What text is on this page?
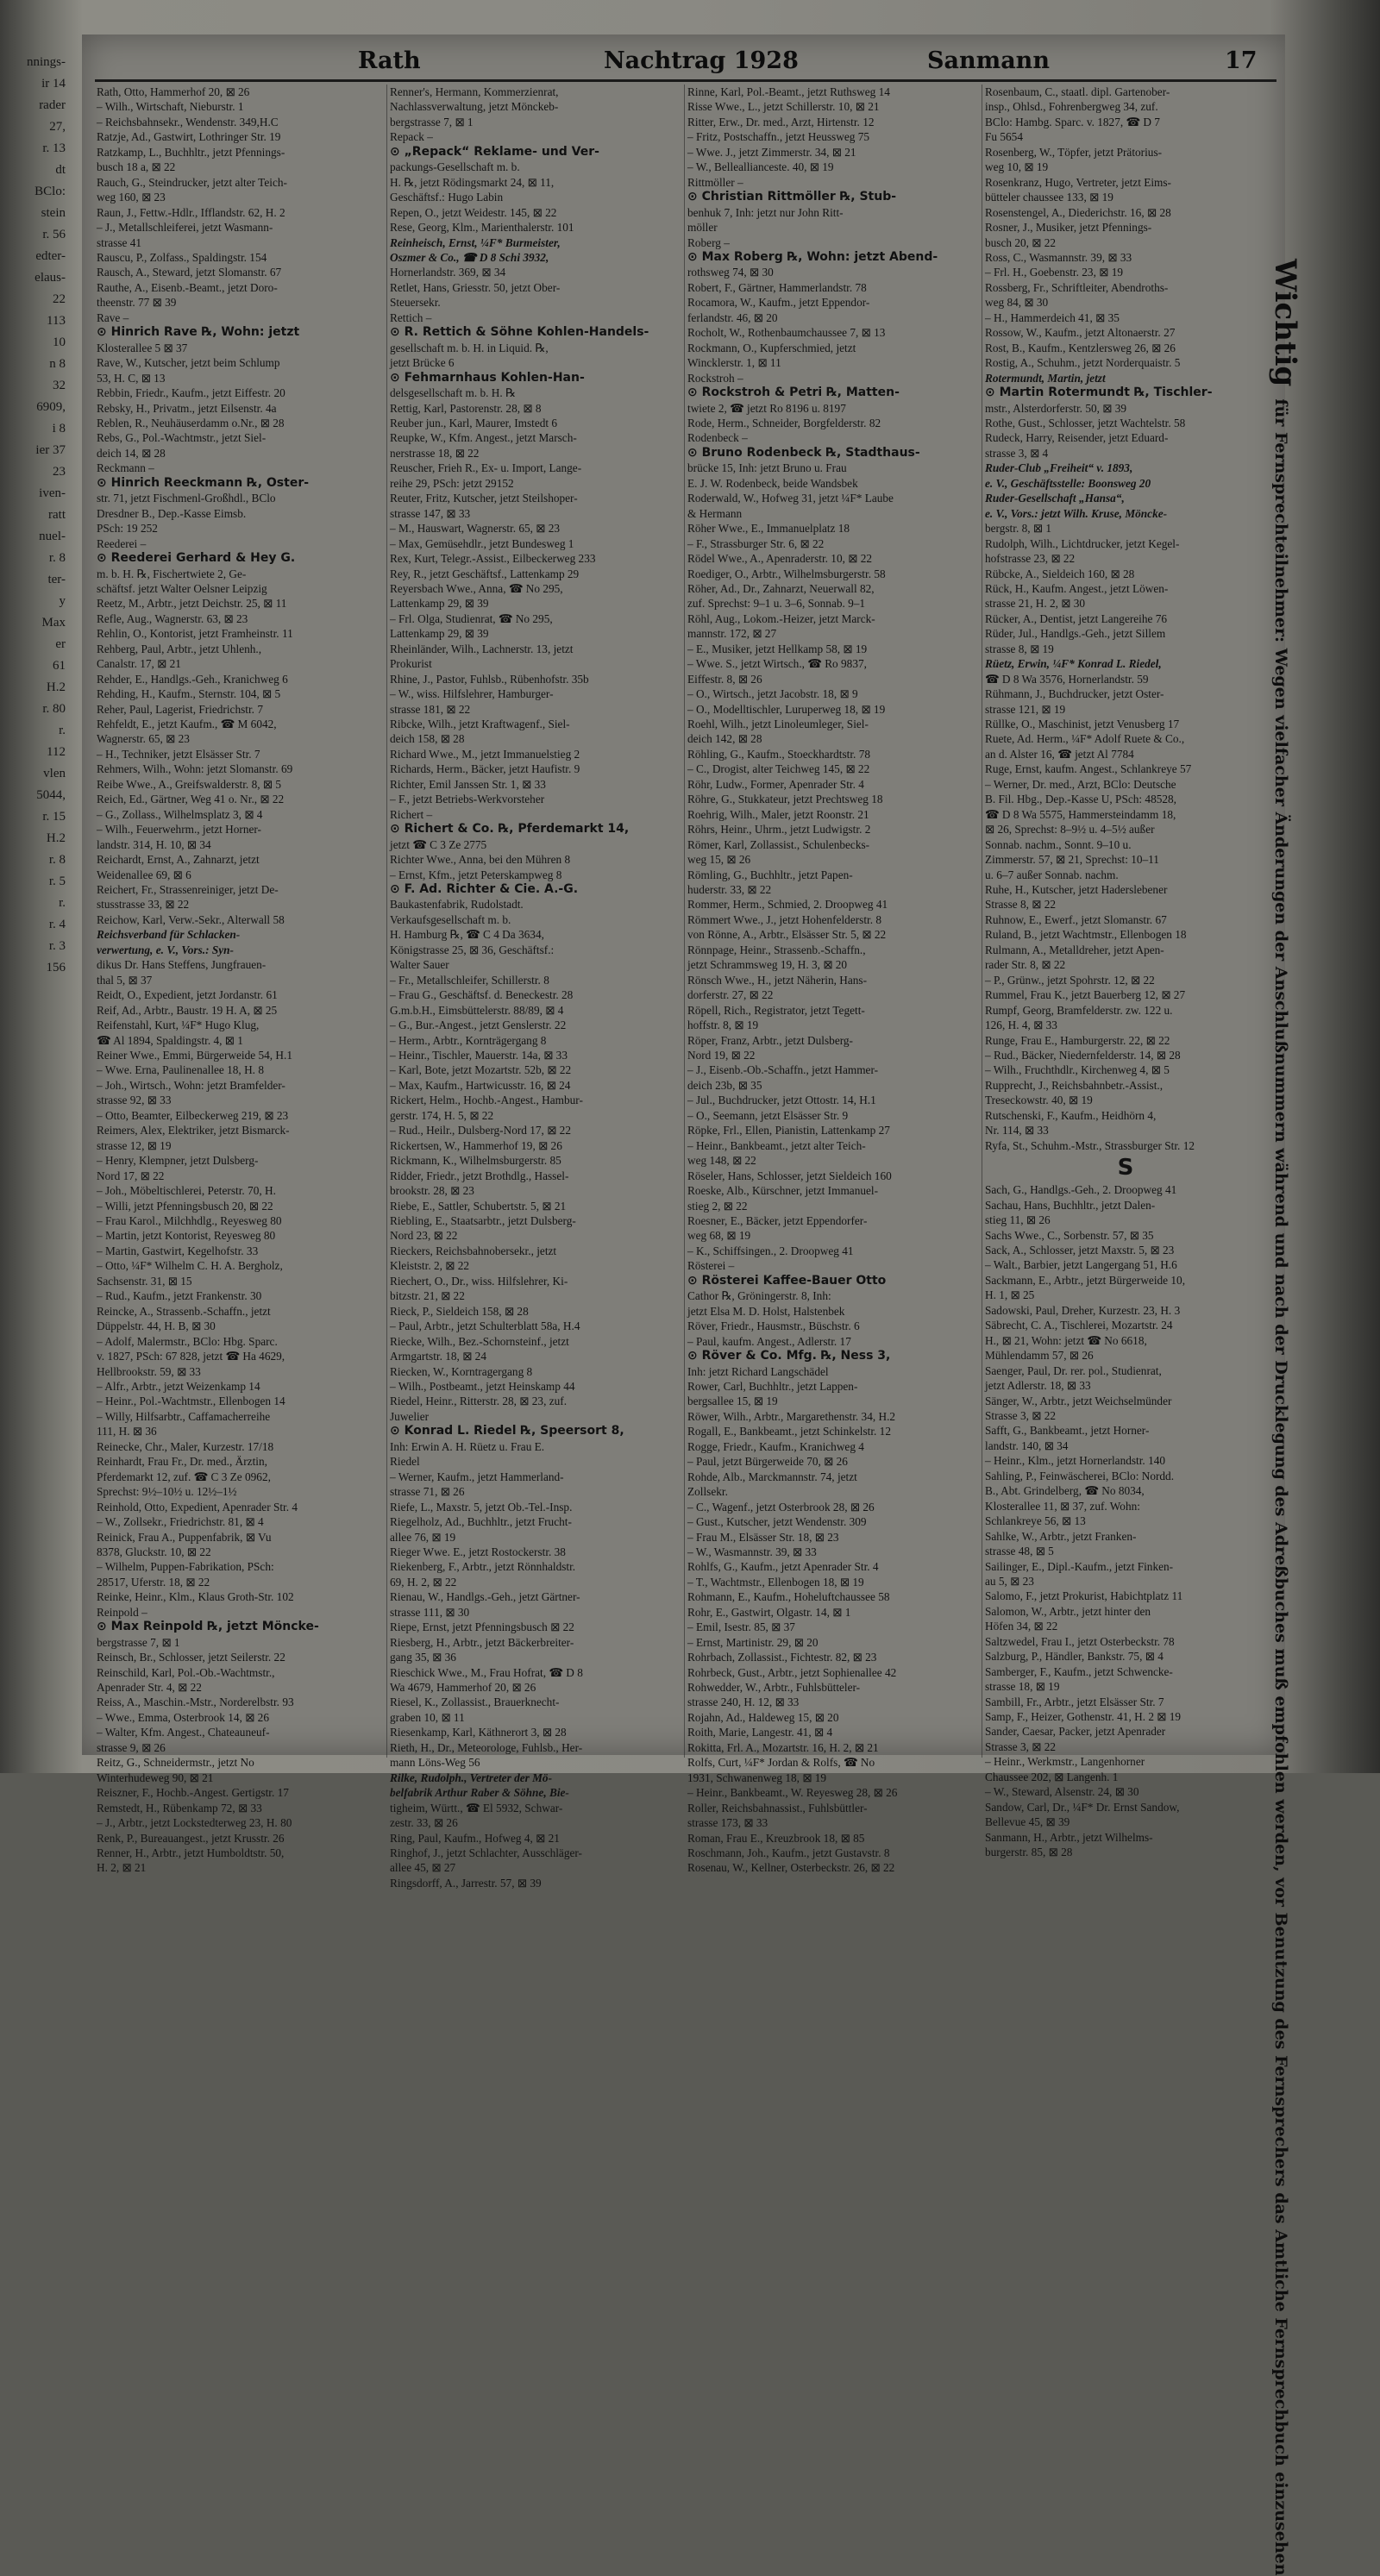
nnings-
ir 14
rader
27,
r. 13
dt
BClo:
stein
r. 56
edter-
elaus-
22
113
10
n 8
32
6909,
i 8
ier 37
23
iven-
ratt
nuel-
r. 8
ter-
y
Max
er
61
H.2
r. 80
r.
112
vlen
5044,
r. 15
H.2
r. 8
r. 5
r.
r. 4
r. 3
156
Rath	Nachtrag 1928	Sanmann	17
Rath, Otto, Hammerhof 20, ⊠ 26
– Wilh., Wirtschaft, Nieburstr. 1
– Reichsbahnsekr., Wendenstr. 349,H.C
Ratzje, Ad., Gastwirt, Lothringer Str. 19
Ratzkamp, L., Buchhltr., jetzt Pfennings-
busch 18 a, ⊠ 22
Rauch, G., Steindrucker, jetzt alter Teich-
weg 160, ⊠ 23
Raun, J., Fettw.-Hdlr., Ifflandstr. 62, H. 2
– J., Metallschleiferei, jetzt Wasmann-
strasse 41
Rauscu, P., Zolfass., Spaldingstr. 154
Rausch, A., Steward, jetzt Slomanstr. 67
Rauthe, A., Eisenb.-Beamt., jetzt Doro-
theenstr. 77 ⊠ 39
Rave –
⊙ Hinrich Rave ℞, Wohn: jetzt
Klosterallee 5 ⊠ 37
Rave, W., Kutscher, jetzt beim Schlump
53, H. C, ⊠ 13
Rebbin, Friedr., Kaufm., jetzt Eiffestr. 20
Rebsky, H., Privatm., jetzt Eilsenstr. 4a
Reblen, R., Neuhäuserdamm o.Nr., ⊠ 28
Rebs, G., Pol.-Wachtmstr., jetzt Siel-
deich 14, ⊠ 28
Reckmann –
⊙ Hinrich Reeckmann ℞, Oster-
str. 71, jetzt Fischmenl-Großhdl., BClo
Dresdner B., Dep.-Kasse Eimsb.
PSch: 19 252
Reederei –
⊙ Reederei Gerhard & Hey G.
m. b. H. ℞, Fischertwiete 2, Ge-
schäftsf. jetzt Walter Oelsner Leipzig
Reetz, M., Arbtr., jetzt Deichstr. 25, ⊠ 11
Refle, Aug., Wagnerstr. 63, ⊠ 23
Rehlin, O., Kontorist, jetzt Framheinstr. 11
Rehberg, Paul, Arbtr., jetzt Uhlenh.,
Canalstr. 17, ⊠ 21
Rehder, E., Handlgs.-Geh., Kranichweg 6
Rehding, H., Kaufm., Sternstr. 104, ⊠ 5
Reher, Paul, Lagerist, Friedrichstr. 7
Rehfeldt, E., jetzt Kaufm., ☎ M 6042,
Wagnerstr. 65, ⊠ 23
– H., Techniker, jetzt Elsässer Str. 7
Rehmers, Wilh., Wohn: jetzt Slomanstr. 69
Reibe Wwe., A., Greifswalderstr. 8, ⊠ 5
Reich, Ed., Gärtner, Weg 41 o. Nr., ⊠ 22
– G., Zollass., Wilhelmsplatz 3, ⊠ 4
– Wilh., Feuerwehrm., jetzt Horner-
landstr. 314, H. 10, ⊠ 34
Reichardt, Ernst, A., Zahnarzt, jetzt
Weidenallee 69, ⊠ 6
Reichert, Fr., Strassenreiniger, jetzt De-
stusstrasse 33, ⊠ 22
Reichow, Karl, Verw.-Sekr., Alterwall 58
Reichsverband für Schlacken-
verwertung, e. V., Vors.: Syn-
dikus Dr. Hans Steffens, Jungfrauen-
thal 5, ⊠ 37
Reidt, O., Expedient, jetzt Jordanstr. 61
Reif, Ad., Arbtr., Baustr. 19 H. A, ⊠ 25
Reifenstahl, Kurt, ¼F* Hugo Klug,
☎ Al 1894, Spaldingstr. 4, ⊠ 1
Reiner Wwe., Emmi, Bürgerweide 54, H.1
– Wwe. Erna, Paulinenallee 18, H. 8
– Joh., Wirtsch., Wohn: jetzt Bramfelder-
strasse 92, ⊠ 33
– Otto, Beamter, Eilbeckerweg 219, ⊠ 23
Reimers, Alex, Elektriker, jetzt Bismarck-
strasse 12, ⊠ 19
– Henry, Klempner, jetzt Dulsberg-
Nord 17, ⊠ 22
– Joh., Möbeltischlerei, Peterstr. 70, H.
– Willi, jetzt Pfenningsbusch 20, ⊠ 22
– Frau Karol., Milchhdlg., Reyesweg 80
– Martin, jetzt Kontorist, Reyesweg 80
– Martin, Gastwirt, Kegelhofstr. 33
– Otto, ¼F* Wilhelm C. H. A. Bergholz,
Sachsenstr. 31, ⊠ 15
– Rud., Kaufm., jetzt Frankenstr. 30
Reincke, A., Strassenb.-Schaffn., jetzt
Düppelstr. 44, H. B, ⊠ 30
– Adolf, Malermstr., BClo: Hbg. Sparc.
v. 1827, PSch: 67 828, jetzt ☎ Ha 4629,
Hellbrookstr. 59, ⊠ 33
– Alfr., Arbtr., jetzt Weizenkamp 14
– Heinr., Pol.-Wachtmstr., Ellenbogen 14
– Willy, Hilfsarbtr., Caffamacherreihe
111, H. ⊠ 36
Reinecke, Chr., Maler, Kurzestr. 17/18
Reinhardt, Frau Fr., Dr. med., Ärztin,
Pferdemarkt 12, zuf. ☎ C 3 Ze 0962,
Sprechst: 9½–10½ u. 12½–1½
Reinhold, Otto, Expedient, Apenrader Str. 4
– W., Zollsekr., Friedrichstr. 81, ⊠ 4
Reinick, Frau A., Puppenfabrik, ⊠ Vu
8378, Gluckstr. 10, ⊠ 22
– Wilhelm, Puppen-Fabrikation, PSch:
28517, Uferstr. 18, ⊠ 22
Reinke, Heinr., Klm., Klaus Groth-Str. 102
Reinpold –
⊙ Max Reinpold ℞, jetzt Möncke-
bergstrasse 7, ⊠ 1
Reinsch, Br., Schlosser, jetzt Seilerstr. 22
Reinschild, Karl, Pol.-Ob.-Wachtmstr.,
Apenrader Str. 4, ⊠ 22
Reiss, A., Maschin.-Mstr., Norderelbstr. 93
– Wwe., Emma, Osterbrook 14, ⊠ 26
– Walter, Kfm. Angest., Chateauneuf-
strasse 9, ⊠ 26
Reitz, G., Schneidermstr., jetzt No
Winterhudeweg 90, ⊠ 21
Reiszner, F., Hochb.-Angest. Gertigstr. 17
Remstedt, H., Rübenkamp 72, ⊠ 33
– J., Arbtr., jetzt Lockstedterweg 23, H. 80
Renk, P., Bureauangest., jetzt Krusstr. 26
Renner, H., Arbtr., jetzt Humboldtstr. 50,
H. 2, ⊠ 21
Renner's, Hermann, Kommerzienrat,
Nachlassverwaltung, jetzt Mönckeb-
bergstrasse 7, ⊠ 1
Repack –
⊙ „Repack“ Reklame- und Ver-
packungs-Gesellschaft m. b.
H. ℞, jetzt Rödingsmarkt 24, ⊠ 11,
Geschäftsf.: Hugo Labin
Repen, O., jetzt Weidestr. 145, ⊠ 22
Rese, Georg, Klm., Marienthalerstr. 101
Reinheisch, Ernst, ¼F* Burmeister,
Oszmer & Co., ☎ D 8 Schi 3932,
Hornerlandstr. 369, ⊠ 34
Retlet, Hans, Griesstr. 50, jetzt Ober-
Steuersekr.
Rettich –
⊙ R. Rettich & Söhne Kohlen-Handels-
gesellschaft m. b. H. in Liquid. ℞,
jetzt Brücke 6
⊙ Fehmarnhaus Kohlen-Han-
delsgesellschaft m. b. H. ℞
Rettig, Karl, Pastorenstr. 28, ⊠ 8
Reuber jun., Karl, Maurer, Imstedt 6
Reupke, W., Kfm. Angest., jetzt Marsch-
nerstrasse 18, ⊠ 22
Reuscher, Frieh R., Ex- u. Import, Lange-
reihe 29, PSch: jetzt 29152
Reuter, Fritz, Kutscher, jetzt Steilshoper-
strasse 147, ⊠ 33
– M., Hauswart, Wagnerstr. 65, ⊠ 23
– Max, Gemüsehdlr., jetzt Bundesweg 1
Rex, Kurt, Telegr.-Assist., Eilbeckerweg 233
Rey, R., jetzt Geschäftsf., Lattenkamp 29
Reyersbach Wwe., Anna, ☎ No 295,
Lattenkamp 29, ⊠ 39
– Frl. Olga, Studienrat, ☎ No 295,
Lattenkamp 29, ⊠ 39
Rheinländer, Wilh., Lachnerstr. 13, jetzt
Prokurist
Rhine, J., Pastor, Fuhlsb., Rübenhofstr. 35b
– W., wiss. Hilfslehrer, Hamburger-
strasse 181, ⊠ 22
Ribcke, Wilh., jetzt Kraftwagenf., Siel-
deich 158, ⊠ 28
Richard Wwe., M., jetzt Immanuelstieg 2
Richards, Herm., Bäcker, jetzt Haufistr. 9
Richter, Emil Janssen Str. 1, ⊠ 33
– F., jetzt Betriebs-Werkvorsteher
Richert –
⊙ Richert & Co. ℞, Pferdemarkt 14,
jetzt ☎ C 3 Ze 2775
Richter Wwe., Anna, bei den Mühren 8
– Ernst, Kfm., jetzt Peterskampweg 8
⊙ F. Ad. Richter & Cie. A.-G.
Baukastenfabrik, Rudolstadt.
Verkaufsgesellschaft m. b.
H. Hamburg ℞, ☎ C 4 Da 3634,
Königstrasse 25, ⊠ 36, Geschäftsf.:
Walter Sauer
– Fr., Metallschleifer, Schillerstr. 8
– Frau G., Geschäftsf. d. Beneckestr. 28
G.m.b.H., Eimsbüttelerstr. 88/89, ⊠ 4
– G., Bur.-Angest., jetzt Genslerstr. 22
– Herm., Arbtr., Kornträgergang 8
– Heinr., Tischler, Mauerstr. 14a, ⊠ 33
– Karl, Bote, jetzt Mozartstr. 52b, ⊠ 22
– Max, Kaufm., Hartwicusstr. 16, ⊠ 24
Rickert, Helm., Hochb.-Angest., Hambur-
gerstr. 174, H. 5, ⊠ 22
– Rud., Heilr., Dulsberg-Nord 17, ⊠ 22
Rickertsen, W., Hammerhof 19, ⊠ 26
Rickmann, K., Wilhelmsburgerstr. 85
Ridder, Friedr., jetzt Brothdlg., Hassel-
brookstr. 28, ⊠ 23
Riebe, E., Sattler, Schubertstr. 5, ⊠ 21
Riebling, E., Staatsarbtr., jetzt Dulsberg-
Nord 23, ⊠ 22
Rieckers, Reichsbahnobersekr., jetzt
Kleiststr. 2, ⊠ 22
Riechert, O., Dr., wiss. Hilfslehrer, Ki-
bitzstr. 21, ⊠ 22
Rieck, P., Sieldeich 158, ⊠ 28
– Paul, Arbtr., jetzt Schulterblatt 58a, H.4
Riecke, Wilh., Bez.-Schornsteinf., jetzt
Armgartstr. 18, ⊠ 24
Riecken, W., Korntragergang 8
– Wilh., Postbeamt., jetzt Heinskamp 44
Riedel, Heinr., Ritterstr. 28, ⊠ 23, zuf.
Juwelier
⊙ Konrad L. Riedel ℞, Speersort 8,
Inh: Erwin A. H. Rüetz u. Frau E.
Riedel
– Werner, Kaufm., jetzt Hammerland-
strasse 71, ⊠ 26
Riefe, L., Maxstr. 5, jetzt Ob.-Tel.-Insp.
Riegelholz, Ad., Buchhltr., jetzt Frucht-
allee 76, ⊠ 19
Rieger Wwe. E., jetzt Rostockerstr. 38
Riekenberg, F., Arbtr., jetzt Rönnhaldstr.
69, H. 2, ⊠ 22
Rienau, W., Handlgs.-Geh., jetzt Gärtner-
strasse 111, ⊠ 30
Riepe, Ernst, jetzt Pfenningsbusch ⊠ 22
Riesberg, H., Arbtr., jetzt Bäckerbreiter-
gang 35, ⊠ 36
Rieschick Wwe., M., Frau Hofrat, ☎ D 8
Wa 4679, Hammerhof 20, ⊠ 26
Riesel, K., Zollassist., Brauerknecht-
graben 10, ⊠ 11
Riesenkamp, Karl, Käthnerort 3, ⊠ 28
Rieth, H., Dr., Meteorologe, Fuhlsb., Her-
mann Löns-Weg 56
Rilke, Rudolph., Vertreter der Mö-
belfabrik Arthur Raber & Söhne, Bie-
tigheim, Württ., ☎ El 5932, Schwar-
zestr. 33, ⊠ 26
Ring, Paul, Kaufm., Hofweg 4, ⊠ 21
Ringhof, J., jetzt Schlachter, Ausschläger-
allee 45, ⊠ 27
Ringsdorff, A., Jarrestr. 57, ⊠ 39
Rinne, Karl, Pol.-Beamt., jetzt Ruthsweg 14
Risse Wwe., L., jetzt Schillerstr. 10, ⊠ 21
Ritter, Erw., Dr. med., Arzt, Hirtenstr. 12
– Fritz, Postschaffn., jetzt Heussweg 75
– Wwe. J., jetzt Zimmerstr. 34, ⊠ 21
– W., Belleallianceste. 40, ⊠ 19
Rittmöller –
⊙ Christian Rittmöller ℞, Stub-
benhuk 7, Inh: jetzt nur John Ritt-
möller
Roberg –
⊙ Max Roberg ℞, Wohn: jetzt Abend-
rothsweg 74, ⊠ 30
Robert, F., Gärtner, Hammerlandstr. 78
Rocamora, W., Kaufm., jetzt Eppendor-
ferlandstr. 46, ⊠ 20
Rocholt, W., Rothenbaumchaussee 7, ⊠ 13
Rockmann, O., Kupferschmied, jetzt
Wincklerstr. 1, ⊠ 11
Rockstroh –
⊙ Rockstroh & Petri ℞, Matten-
twiete 2, ☎ jetzt Ro 8196 u. 8197
Rode, Herm., Schneider, Borgfelderstr. 82
Rodenbeck –
⊙ Bruno Rodenbeck ℞, Stadthaus-
brücke 15, Inh: jetzt Bruno u. Frau
E. J. W. Rodenbeck, beide Wandsbek
Roderwald, W., Hofweg 31, jetzt ¼F* Laube
& Hermann
Röher Wwe., E., Immanuelplatz 18
– F., Strassburger Str. 6, ⊠ 22
Rödel Wwe., A., Apenraderstr. 10, ⊠ 22
Roediger, O., Arbtr., Wilhelmsburgerstr. 58
Röher, Ad., Dr., Zahnarzt, Neuerwall 82,
zuf. Sprechst: 9–1 u. 3–6, Sonnab. 9–1
Röhl, Aug., Lokom.-Heizer, jetzt Marck-
mannstr. 172, ⊠ 27
– E., Musiker, jetzt Hellkamp 58, ⊠ 19
– Wwe. S., jetzt Wirtsch., ☎ Ro 9837,
Eiffestr. 8, ⊠ 26
– O., Wirtsch., jetzt Jacobstr. 18, ⊠ 9
– O., Modelltischler, Luruperweg 18, ⊠ 19
Roehl, Wilh., jetzt Linoleumleger, Siel-
deich 142, ⊠ 28
Röhling, G., Kaufm., Stoeckhardtstr. 78
– C., Drogist, alter Teichweg 145, ⊠ 22
Röhr, Ludw., Former, Apenrader Str. 4
Röhre, G., Stukkateur, jetzt Prechtsweg 18
Roehrig, Wilh., Maler, jetzt Roonstr. 21
Röhrs, Heinr., Uhrm., jetzt Ludwigstr. 2
Römer, Karl, Zollassist., Schulenbecks-
weg 15, ⊠ 26
Römling, G., Buchhltr., jetzt Papen-
huderstr. 33, ⊠ 22
Rommer, Herm., Schmied, 2. Droopweg 41
Römmert Wwe., J., jetzt Hohenfelderstr. 8
von Rönne, A., Arbtr., Elsässer Str. 5, ⊠ 22
Rönnpage, Heinr., Strassenb.-Schaffn.,
jetzt Schrammsweg 19, H. 3, ⊠ 20
Rönsch Wwe., H., jetzt Näherin, Hans-
dorferstr. 27, ⊠ 22
Röpell, Rich., Registrator, jetzt Tegett-
hoffstr. 8, ⊠ 19
Röper, Franz, Arbtr., jetzt Dulsberg-
Nord 19, ⊠ 22
– J., Eisenb.-Ob.-Schaffn., jetzt Hammer-
deich 23b, ⊠ 35
– Jul., Buchdrucker, jetzt Ottostr. 14, H.1
– O., Seemann, jetzt Elsässer Str. 9
Röpke, Frl., Ellen, Pianistin, Lattenkamp 27
– Heinr., Bankbeamt., jetzt alter Teich-
weg 148, ⊠ 22
Röseler, Hans, Schlosser, jetzt Sieldeich 160
Roeske, Alb., Kürschner, jetzt Immanuel-
stieg 2, ⊠ 22
Roesner, E., Bäcker, jetzt Eppendorfer-
weg 68, ⊠ 19
– K., Schiffsingen., 2. Droopweg 41
Rösterei –
⊙ Rösterei Kaffee-Bauer Otto
Cathor ℞, Gröningerstr. 8, Inh:
jetzt Elsa M. D. Holst, Halstenbek
Röver, Friedr., Hausmstr., Büschstr. 6
– Paul, kaufm. Angest., Adlerstr. 17
⊙ Röver & Co. Mfg. ℞, Ness 3,
Inh: jetzt Richard Langschädel
Rower, Carl, Buchhltr., jetzt Lappen-
bergsallee 15, ⊠ 19
Röwer, Wilh., Arbtr., Margarethenstr. 34, H.2
Rogall, E., Bankbeamt., jetzt Schinkelstr. 12
Rogge, Friedr., Kaufm., Kranichweg 4
– Paul, jetzt Bürgerweide 70, ⊠ 26
Rohde, Alb., Marckmannstr. 74, jetzt
Zollsekr.
– C., Wagenf., jetzt Osterbrook 28, ⊠ 26
– Gust., Kutscher, jetzt Wendenstr. 309
– Frau M., Elsässer Str. 18, ⊠ 23
– W., Wasmannstr. 39, ⊠ 33
Rohlfs, G., Kaufm., jetzt Apenrader Str. 4
– T., Wachtmstr., Ellenbogen 18, ⊠ 19
Rohmann, E., Kaufm., Hoheluftchaussee 58
Rohr, E., Gastwirt, Olgastr. 14, ⊠ 1
– Emil, Isestr. 85, ⊠ 37
– Ernst, Martinistr. 29, ⊠ 20
Rohrbach, Zollassist., Fichtestr. 82, ⊠ 23
Rohrbeck, Gust., Arbtr., jetzt Sophienallee 42
Rohwedder, W., Arbtr., Fuhlsbütteler-
strasse 240, H. 12, ⊠ 33
Rojahn, Ad., Haldeweg 15, ⊠ 20
Roith, Marie, Langestr. 41, ⊠ 4
Rokitta, Frl. A., Mozartstr. 16, H. 2, ⊠ 21
Rolfs, Curt, ¼F* Jordan & Rolfs, ☎ No
1931, Schwanenweg 18, ⊠ 19
– Heinr., Bankbeamt., W. Reyesweg 28, ⊠ 26
Roller, Reichsbahnassist., Fuhlsbüttler-
strasse 173, ⊠ 33
Roman, Frau E., Kreuzbrook 18, ⊠ 85
Roschmann, Joh., Kaufm., jetzt Gustavstr. 8
Rosenau, W., Kellner, Osterbeckstr. 26, ⊠ 22
Rosenbaum, C., staatl. dipl. Gartenober-
insp., Ohlsd., Fohrenbergweg 34, zuf.
BClo: Hambg. Sparc. v. 1827, ☎ D 7
Fu 5654
Rosenberg, W., Töpfer, jetzt Prätorius-
weg 10, ⊠ 19
Rosenkranz, Hugo, Vertreter, jetzt Eims-
bütteler chaussee 133, ⊠ 19
Rosenstengel, A., Diederichstr. 16, ⊠ 28
Rosner, J., Musiker, jetzt Pfennings-
busch 20, ⊠ 22
Ross, C., Wasmannstr. 39, ⊠ 33
– Frl. H., Goebenstr. 23, ⊠ 19
Rossberg, Fr., Schriftleiter, Abendroths-
weg 84, ⊠ 30
– H., Hammerdeich 41, ⊠ 35
Rossow, W., Kaufm., jetzt Altonaerstr. 27
Rost, B., Kaufm., Kentzlersweg 26, ⊠ 26
Rostig, A., Schuhm., jetzt Norderquaistr. 5
Rotermundt, Martin, jetzt
⊙ Martin Rotermundt ℞, Tischler-
mstr., Alsterdorferstr. 50, ⊠ 39
Rothe, Gust., Schlosser, jetzt Wachtelstr. 58
Rudeck, Harry, Reisender, jetzt Eduard-
strasse 3, ⊠ 4
Ruder-Club „Freiheit“ v. 1893,
e. V., Geschäftsstelle: Boonsweg 20
Ruder-Gesellschaft „Hansa“,
e. V., Vors.: jetzt Wilh. Kruse, Möncke-
bergstr. 8, ⊠ 1
Rudolph, Wilh., Lichtdrucker, jetzt Kegel-
hofstrasse 23, ⊠ 22
Rübcke, A., Sieldeich 160, ⊠ 28
Rück, H., Kaufm. Angest., jetzt Löwen-
strasse 21, H. 2, ⊠ 30
Rücker, A., Dentist, jetzt Langereihe 76
Rüder, Jul., Handlgs.-Geh., jetzt Sillem
strasse 8, ⊠ 19
Rüetz, Erwin, ¼F* Konrad L. Riedel,
☎ D 8 Wa 3576, Hornerlandstr. 59
Rühmann, J., Buchdrucker, jetzt Oster-
strasse 121, ⊠ 19
Rüllke, O., Maschinist, jetzt Venusberg 17
Ruete, Ad. Herm., ¼F* Adolf Ruete & Co.,
an d. Alster 16, ☎ jetzt Al 7784
Ruge, Ernst, kaufm. Angest., Schlankreye 57
– Werner, Dr. med., Arzt, BClo: Deutsche
B. Fil. Hbg., Dep.-Kasse U, PSch: 48528,
☎ D 8 Wa 5575, Hammersteindamm 18,
⊠ 26, Sprechst: 8–9½ u. 4–5½ außer
Sonnab. nachm., Sonnt. 9–10 u.
Zimmerstr. 57, ⊠ 21, Sprechst: 10–11
u. 6–7 außer Sonnab. nachm.
Ruhe, H., Kutscher, jetzt Haderslebener
Strasse 8, ⊠ 22
Ruhnow, E., Ewerf., jetzt Slomanstr. 67
Ruland, B., jetzt Wachtmstr., Ellenbogen 18
Rulmann, A., Metalldreher, jetzt Apen-
rader Str. 8, ⊠ 22
– P., Grünw., jetzt Spohrstr. 12, ⊠ 22
Rummel, Frau K., jetzt Bauerberg 12, ⊠ 27
Rumpf, Georg, Bramfelderstr. zw. 122 u.
126, H. 4, ⊠ 33
Runge, Frau E., Hamburgerstr. 22, ⊠ 22
– Rud., Bäcker, Niedernfelderstr. 14, ⊠ 28
– Wilh., Fruchthdlr., Kirchenweg 4, ⊠ 5
Rupprecht, J., Reichsbahnbetr.-Assist.,
Treseckowstr. 40, ⊠ 19
Rutschenski, F., Kaufm., Heidhörn 4,
Nr. 114, ⊠ 33
Ryfa, St., Schuhm.-Mstr., Strassburger Str. 12
S
Sach, G., Handlgs.-Geh., 2. Droopweg 41
Sachau, Hans, Buchhltr., jetzt Dalen-
stieg 11, ⊠ 26
Sachs Wwe., C., Sorbenstr. 57, ⊠ 35
Sack, A., Schlosser, jetzt Maxstr. 5, ⊠ 23
– Walt., Barbier, jetzt Langergang 51, H.6
Sackmann, E., Arbtr., jetzt Bürgerweide 10,
H. 1, ⊠ 25
Sadowski, Paul, Dreher, Kurzestr. 23, H. 3
Säbrecht, C. A., Tischlerei, Mozartstr. 24
H., ⊠ 21, Wohn: jetzt ☎ No 6618,
Mühlendamm 57, ⊠ 26
Saenger, Paul, Dr. rer. pol., Studienrat,
jetzt Adlerstr. 18, ⊠ 33
Sänger, W., Arbtr., jetzt Weichselmünder
Strasse 3, ⊠ 22
Safft, G., Bankbeamt., jetzt Horner-
landstr. 140, ⊠ 34
– Heinr., Klm., jetzt Hornerlandstr. 140
Sahling, P., Feinwäscherei, BClo: Nordd.
B., Abt. Grindelberg, ☎ No 8034,
Klosterallee 11, ⊠ 37, zuf. Wohn:
Schlankreye 56, ⊠ 13
Sahlke, W., Arbtr., jetzt Franken-
strasse 48, ⊠ 5
Sailinger, E., Dipl.-Kaufm., jetzt Finken-
au 5, ⊠ 23
Salomo, F., jetzt Prokurist, Habichtplatz 11
Salomon, W., Arbtr., jetzt hinter den
Höfen 34, ⊠ 22
Saltzwedel, Frau I., jetzt Osterbeckstr. 78
Salzburg, P., Händler, Bankstr. 75, ⊠ 4
Samberger, F., Kaufm., jetzt Schwencke-
strasse 18, ⊠ 19
Sambill, Fr., Arbtr., jetzt Elsässer Str. 7
Samp, F., Heizer, Gothenstr. 41, H. 2 ⊠ 19
Sander, Caesar, Packer, jetzt Apenrader
Strasse 3, ⊠ 22
– Heinr., Werkmstr., Langenhorner
Chaussee 202, ⊠ Langenh. 1
– W., Steward, Alsenstr. 24, ⊠ 30
Sandow, Carl, Dr., ¼F* Dr. Ernst Sandow,
Bellevue 45, ⊠ 39
Sanmann, H., Arbtr., jetzt Wilhelms-
burgerstr. 85, ⊠ 28
Wichtigfür Fernsprechteilnehmer: Wegen vielfacher Änderungen der Anschlußnummern während und nach der Drucklegung des Adreßbuches muß empfohlen werden, vor Benutzung des Fernsprechers das Amtliche Fernsprechbuch einzusehen
